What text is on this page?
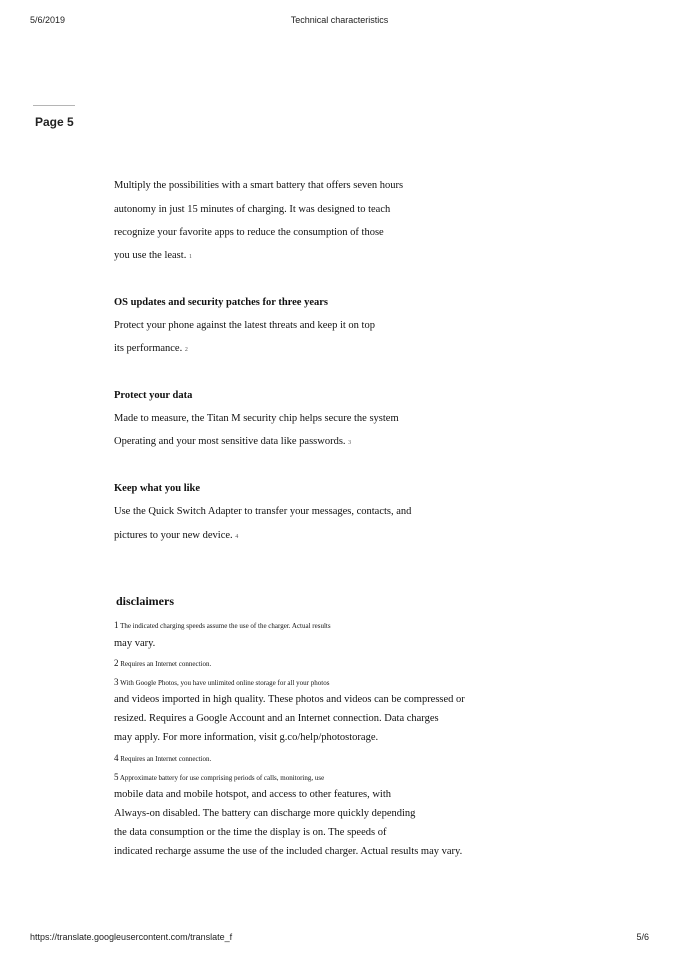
5/6/2019	Technical characteristics
Page 5
Multiply the possibilities with a smart battery that offers seven hours
autonomy in just 15 minutes of charging. It was designed to teach
recognize your favorite apps to reduce the consumption of those
you use the least. 1
OS updates and security patches for three years
Protect your phone against the latest threats and keep it on top
its performance. 2
Protect your data
Made to measure, the Titan M security chip helps secure the system
Operating and your most sensitive data like passwords. 3
Keep what you like
Use the Quick Switch Adapter to transfer your messages, contacts, and
pictures to your new device. 4
disclaimers
1 The indicated charging speeds assume the use of the charger. Actual results
may vary.
2 Requires an Internet connection.
3 With Google Photos, you have unlimited online storage for all your photos
and videos imported in high quality. These photos and videos can be compressed or
resized. Requires a Google Account and an Internet connection. Data charges
may apply. For more information, visit g.co/help/photostorage.
4 Requires an Internet connection.
5 Approximate battery for use comprising periods of calls, monitoring, use
mobile data and mobile hotspot, and access to other features, with
Always-on disabled. The battery can discharge more quickly depending
the data consumption or the time the display is on. The speeds of
indicated recharge assume the use of the included charger. Actual results may vary.
https://translate.googleusercontent.com/translate_f	5/6
